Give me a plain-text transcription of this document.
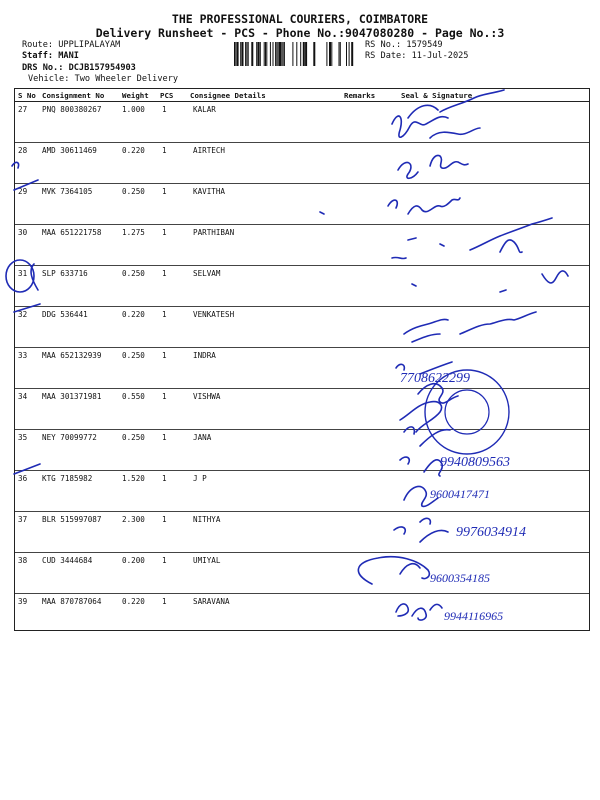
THE PROFESSIONAL COURIERS, COIMBATORE
Delivery Runsheet - PCS - Phone No.:9047080280 - Page No.:3
Route: UPPLIPALAYAM
Staff: MANI
DRS No.: DCJB157954903
Vehicle: Two Wheeler Delivery
RS No.: 1579549
RS Date: 11-Jul-2025
S No Consignment No Weight PCS Consignee Details	Remarks	Seal & Signature
27 PNQ 800380267	1.000 1	KALAR
28 AMD 30611469	0.220 1	AIRTECH
29 MVK 7364105	0.250 1	KAVITHA
30 MAA 651221758	1.275 1	PARTHIBAN
31 SLP 633716	0.250 1	SELVAM
32 DDG 536441	0.220 1	VENKATESH
33 MAA 652132939	0.250 1	INDRA
34 MAA 301371981	0.550 1	VISHWA
35 NEY 70099772	0.250 1	JANA
36 KTG 7185982	1.520 1	J P
37 BLR 515997087	2.300 1	NITHYA
38 CUD 3444684	0.200 1	UMIYAL
39 MAA 870787064	0.220 1	SARAVANA
7708622299
9940809563
9600417471
9976034914
9600354185
9944116965
